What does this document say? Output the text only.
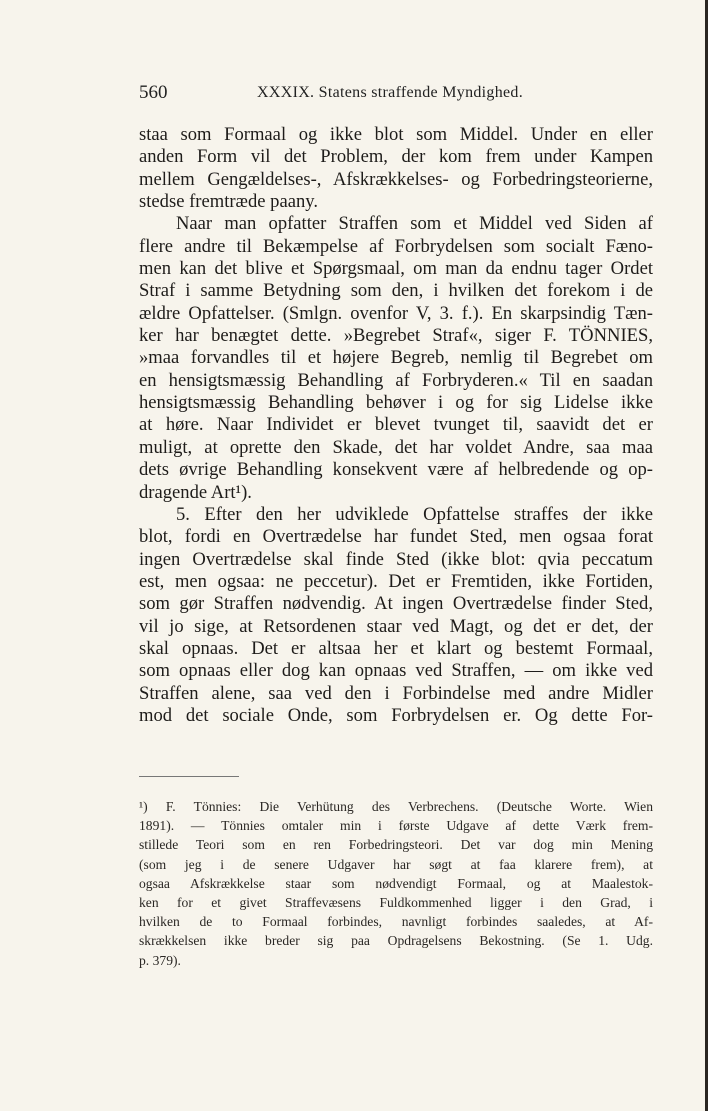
560	XXXIX. Statens straffende Myndighed.
staa som Formaal og ikke blot som Middel. Under en eller
anden Form vil det Problem, der kom frem under Kampen
mellem Gengældelses-, Afskrækkelses- og Forbedringsteorierne,
stedse fremtræde paany.
Naar man opfatter Straffen som et Middel ved Siden af
flere andre til Bekæmpelse af Forbrydelsen som socialt Fæno-
men kan det blive et Spørgsmaal, om man da endnu tager Ordet
Straf i samme Betydning som den, i hvilken det forekom i de
ældre Opfattelser. (Smlgn. ovenfor V, 3. f.). En skarpsindig Tæn-
ker har benægtet dette. »Begrebet Straf«, siger F. TÖNNIES,
»maa forvandles til et højere Begreb, nemlig til Begrebet om
en hensigtsmæssig Behandling af Forbryderen.« Til en saadan
hensigtsmæssig Behandling behøver i og for sig Lidelse ikke
at høre. Naar Individet er blevet tvunget til, saavidt det er
muligt, at oprette den Skade, det har voldet Andre, saa maa
dets øvrige Behandling konsekvent være af helbredende og op-
dragende Art¹).
5. Efter den her udviklede Opfattelse straffes der ikke
blot, fordi en Overtrædelse har fundet Sted, men ogsaa forat
ingen Overtrædelse skal finde Sted (ikke blot: qvia peccatum
est, men ogsaa: ne peccetur). Det er Fremtiden, ikke Fortiden,
som gør Straffen nødvendig. At ingen Overtrædelse finder Sted,
vil jo sige, at Retsordenen staar ved Magt, og det er det, der
skal opnaas. Det er altsaa her et klart og bestemt Formaal,
som opnaas eller dog kan opnaas ved Straffen, — om ikke ved
Straffen alene, saa ved den i Forbindelse med andre Midler
mod det sociale Onde, som Forbrydelsen er. Og dette For-
¹) F. Tönnies: Die Verhütung des Verbrechens. (Deutsche Worte. Wien
1891). — Tönnies omtaler min i første Udgave af dette Værk frem-
stillede Teori som en ren Forbedringsteori. Det var dog min Mening
(som jeg i de senere Udgaver har søgt at faa klarere frem), at
ogsaa Afskrækkelse staar som nødvendigt Formaal, og at Maalestok-
ken for et givet Straffevæsens Fuldkommenhed ligger i den Grad, i
hvilken de to Formaal forbindes, navnligt forbindes saaledes, at Af-
skrækkelsen ikke breder sig paa Opdragelsens Bekostning. (Se 1. Udg.
p. 379).
